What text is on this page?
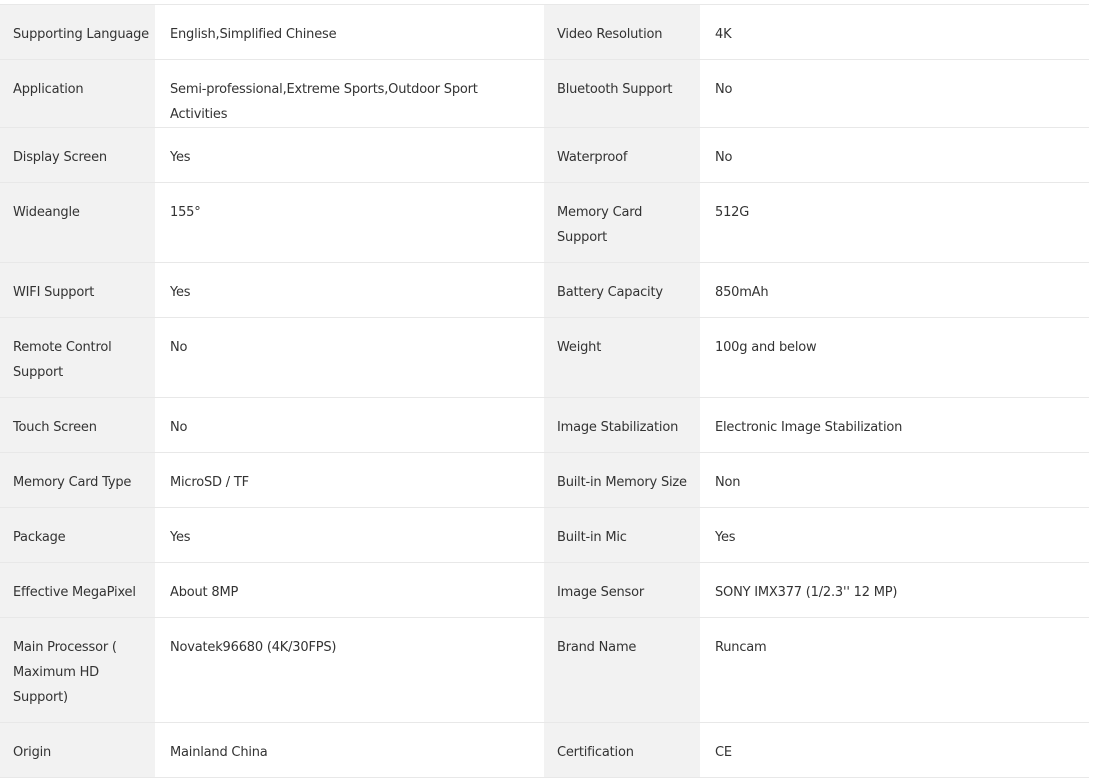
Supporting Language	English,Simplified Chinese	Video Resolution	4K
Application	Semi-professional,Extreme Sports,Outdoor Sport Activities	Bluetooth Support	No
Display Screen	Yes	Waterproof	No
Wideangle	155°	Memory Card Support	512G
WIFI Support	Yes	Battery Capacity	850mAh
Remote Control Support	No	Weight	100g and below
Touch Screen	No	Image Stabilization	Electronic Image Stabilization
Memory Card Type	MicroSD / TF	Built-in Memory Size	Non
Package	Yes	Built-in Mic	Yes
Effective MegaPixel	About 8MP	Image Sensor	SONY IMX377 (1/2.3'' 12 MP)
Main Processor ( Maximum HD Support)	Novatek96680 (4K/30FPS)	Brand Name	Runcam
Origin	Mainland China	Certification	CE
